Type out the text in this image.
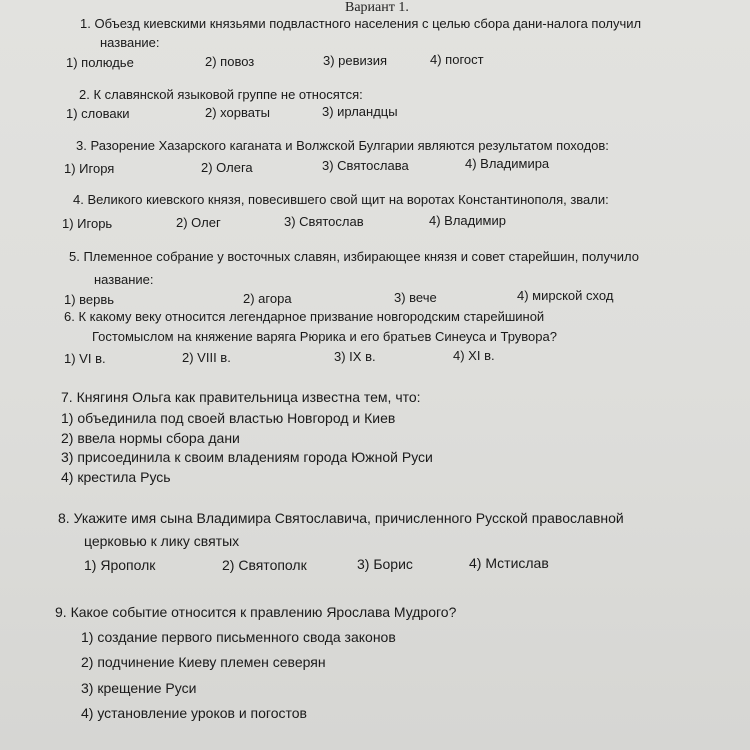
Вариант 1.
1. Объезд киевскими князьями подвластного населения с целью сбора дани-налога получил
название:
1) полюдье	2) повоз	3) ревизия	4) погост
2. К славянской языковой группе не относятся:
1) словаки	2) хорваты	3) ирландцы
3. Разорение Хазарского каганата и Волжской Булгарии являются результатом походов:
1) Игоря	2) Олега	3) Святослава	4) Владимира
4. Великого киевского князя, повесившего свой щит на воротах Константинополя, звали:
1) Игорь	2) Олег	3) Святослав	4) Владимир
5. Племенное собрание у восточных славян, избирающее князя и совет старейшин, получило
название:
1) вервь	2) агора	3) вече	4) мирской сход
6. К какому веку относится легендарное призвание новгородским старейшиной
Гостомыслом на княжение варяга Рюрика и его братьев Синеуса и Трувора?
1) VI в.	2) VIII в.	3) IX в.	4) XI в.
7. Княгиня Ольга как правительница известна тем, что:
1) объединила под своей властью Новгород и Киев
2) ввела нормы сбора дани
3) присоединила к своим владениям города Южной Руси
4) крестила Русь
8. Укажите имя сына Владимира Святославича, причисленного Русской православной
церковью к лику святых
1) Ярополк	2) Святополк	3) Борис	4) Мстислав
9. Какое событие относится к правлению Ярослава Мудрого?
1) создание первого письменного свода законов
2) подчинение Киеву племен северян
3) крещение Руси
4) установление уроков и погостов
